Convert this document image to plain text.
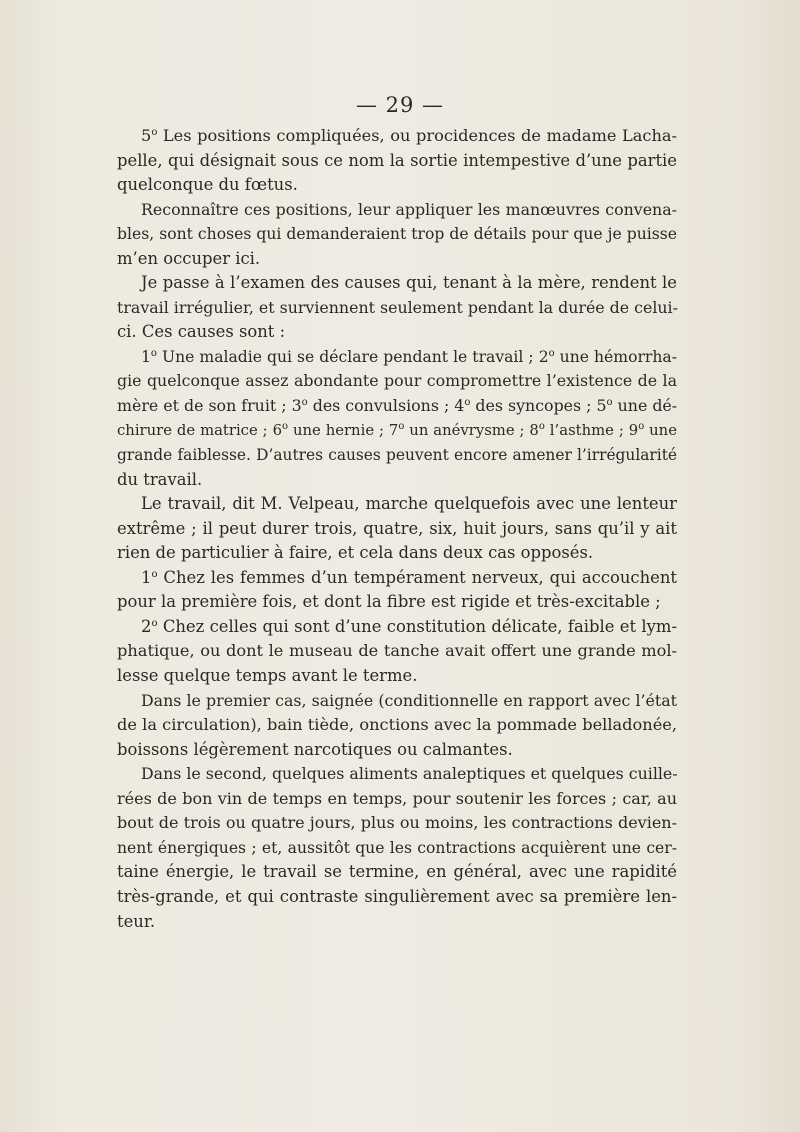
— 29 —
5$^o$ Les positions compliquées, ou procidences de madame Lacha-
pelle, qui désignait sous ce nom la sortie intempestive d’une partie
quelconque du fœtus.
Reconnaître ces positions, leur appliquer les manœuvres convena-
bles, sont choses qui demanderaient trop de détails pour que je puisse
m’en occuper ici.
Je passe à l’examen des causes qui, tenant à la mère, rendent le
travail irrégulier, et surviennent seulement pendant la durée de celui-
ci. Ces causes sont :
1$^o$ Une maladie qui se déclare pendant le travail ; 2$^o$ une hémorrha-
gie quelconque assez abondante pour compromettre l’existence de la
mère et de son fruit ; 3$^o$ des convulsions ; 4$^o$ des syncopes ; 5$^o$ une dé-
chirure de matrice ; 6$^o$ une hernie ; 7$^o$ un anévrysme ; 8$^o$ l’asthme ; 9$^o$ une
grande faiblesse. D’autres causes peuvent encore amener l’irrégularité
du travail.
Le travail, dit M. Velpeau, marche quelquefois avec une lenteur
extrême ; il peut durer trois, quatre, six, huit jours, sans qu’il y ait
rien de particulier à faire, et cela dans deux cas opposés.
1$^o$ Chez les femmes d’un tempérament nerveux, qui accouchent
pour la première fois, et dont la fibre est rigide et très-excitable ;
2$^o$ Chez celles qui sont d’une constitution délicate, faible et lym-
phatique, ou dont le museau de tanche avait offert une grande mol-
lesse quelque temps avant le terme.
Dans le premier cas, saignée (conditionnelle en rapport avec l’état
de la circulation), bain tiède, onctions avec la pommade belladonée,
boissons légèrement narcotiques ou calmantes.
Dans le second, quelques aliments analeptiques et quelques cuille-
rées de bon vin de temps en temps, pour soutenir les forces ; car, au
bout de trois ou quatre jours, plus ou moins, les contractions devien-
nent énergiques ; et, aussitôt que les contractions acquièrent une cer-
taine énergie, le travail se termine, en général, avec une rapidité
très-grande, et qui contraste singulièrement avec sa première len-
teur.
